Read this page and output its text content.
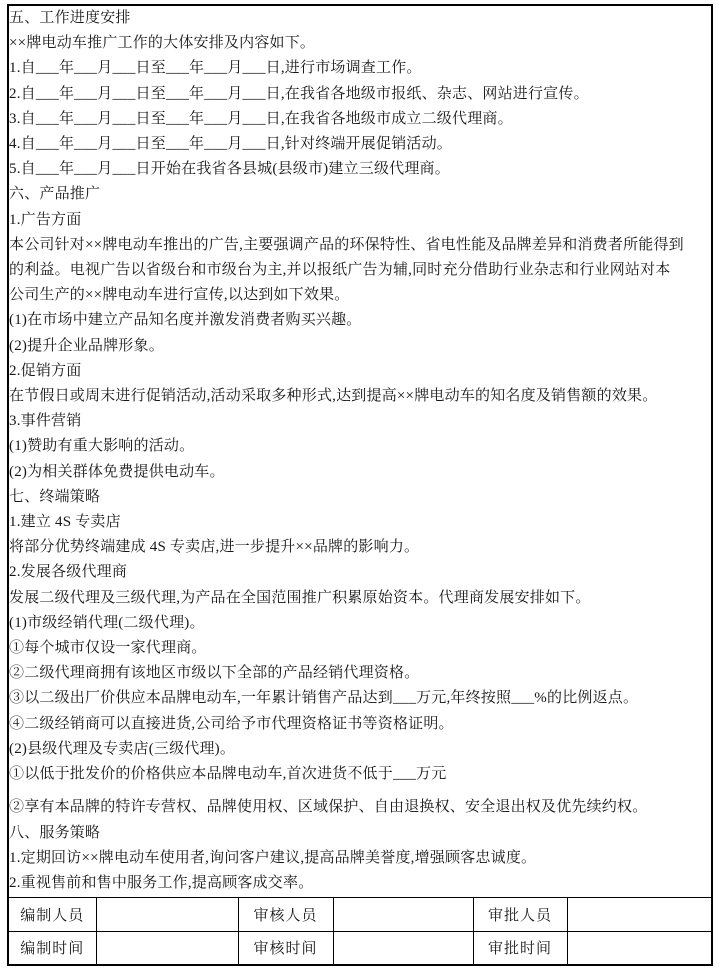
五、工作进度安排
××牌电动车推广工作的大体安排及内容如下。
1.自___年___月___日至___年___月___日,进行市场调查工作。
2.自___年___月___日至___年___月___日,在我省各地级市报纸、杂志、网站进行宣传。
3.自___年___月___日至___年___月___日,在我省各地级市成立二级代理商。
4.自___年___月___日至___年___月___日,针对终端开展促销活动。
5.自___年___月___日开始在我省各县城(县级市)建立三级代理商。
六、产品推广
1.广告方面
本公司针对××牌电动车推出的广告,主要强调产品的环保特性、省电性能及品牌差异和消费者所能得到
的利益。电视广告以省级台和市级台为主,并以报纸广告为辅,同时充分借助行业杂志和行业网站对本
公司生产的××牌电动车进行宣传,以达到如下效果。
(1)在市场中建立产品知名度并激发消费者购买兴趣。
(2)提升企业品牌形象。
2.促销方面
在节假日或周末进行促销活动,活动采取多种形式,达到提高××牌电动车的知名度及销售额的效果。
3.事件营销
(1)赞助有重大影响的活动。
(2)为相关群体免费提供电动车。
七、终端策略
1.建立 4S 专卖店
将部分优势终端建成 4S 专卖店,进一步提升××品牌的影响力。
2.发展各级代理商
发展二级代理及三级代理,为产品在全国范围推广积累原始资本。代理商发展安排如下。
(1)市级经销代理(二级代理)。
①每个城市仅设一家代理商。
②二级代理商拥有该地区市级以下全部的产品经销代理资格。
③以二级出厂价供应本品牌电动车,一年累计销售产品达到___万元,年终按照___%的比例返点。
④二级经销商可以直接进货,公司给予市代理资格证书等资格证明。
(2)县级代理及专卖店(三级代理)。
①以低于批发价的价格供应本品牌电动车,首次进货不低于___万元
②享有本品牌的特许专营权、品牌使用权、区域保护、自由退换权、安全退出权及优先续约权。
八、服务策略
1.定期回访××牌电动车使用者,询问客户建议,提高品牌美誉度,增强顾客忠诚度。
2.重视售前和售中服务工作,提高顾客成交率。

编制人员		审核人员		审批人员	
编制时间		审核时间		审批时间	
